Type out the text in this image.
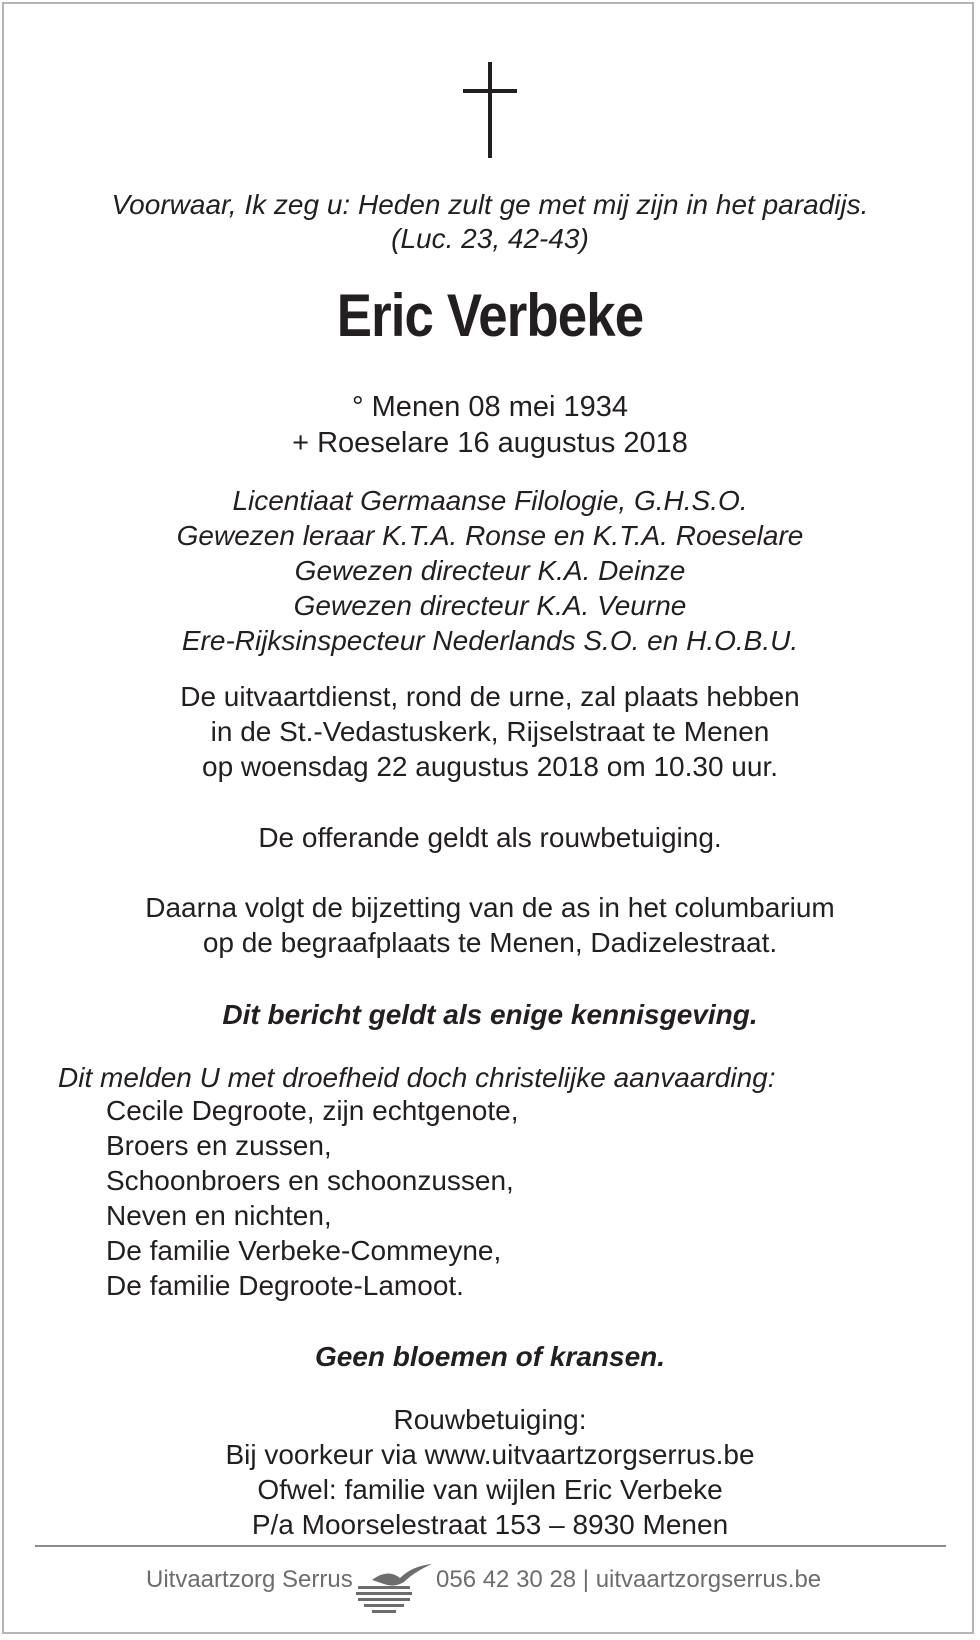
Voorwaar, Ik zeg u: Heden zult ge met mij zijn in het paradijs.
(Luc. 23, 42-43)
Eric Verbeke
° Menen 08 mei 1934
+ Roeselare 16 augustus 2018
Licentiaat Germaanse Filologie, G.H.S.O.
Gewezen leraar K.T.A. Ronse en K.T.A. Roeselare
Gewezen directeur K.A. Deinze
Gewezen directeur K.A. Veurne
Ere-Rijksinspecteur Nederlands S.O. en H.O.B.U.
De uitvaartdienst, rond de urne, zal plaats hebben
in de St.-Vedastuskerk, Rijselstraat te Menen
op woensdag 22 augustus 2018 om 10.30 uur.
De offerande geldt als rouwbetuiging.
Daarna volgt de bijzetting van de as in het columbarium
op de begraafplaats te Menen, Dadizelestraat.
Dit bericht geldt als enige kennisgeving.
Dit melden U met droefheid doch christelijke aanvaarding:
Cecile Degroote, zijn echtgenote,
Broers en zussen,
Schoonbroers en schoonzussen,
Neven en nichten,
De familie Verbeke-Commeyne,
De familie Degroote-Lamoot.
Geen bloemen of kransen.
Rouwbetuiging:
Bij voorkeur via www.uitvaartzorgserrus.be
Ofwel: familie van wijlen Eric Verbeke
P/a Moorselestraat 153 – 8930 Menen
Uitvaartzorg Serrus	056 42 30 28 | uitvaartzorgserrus.be
